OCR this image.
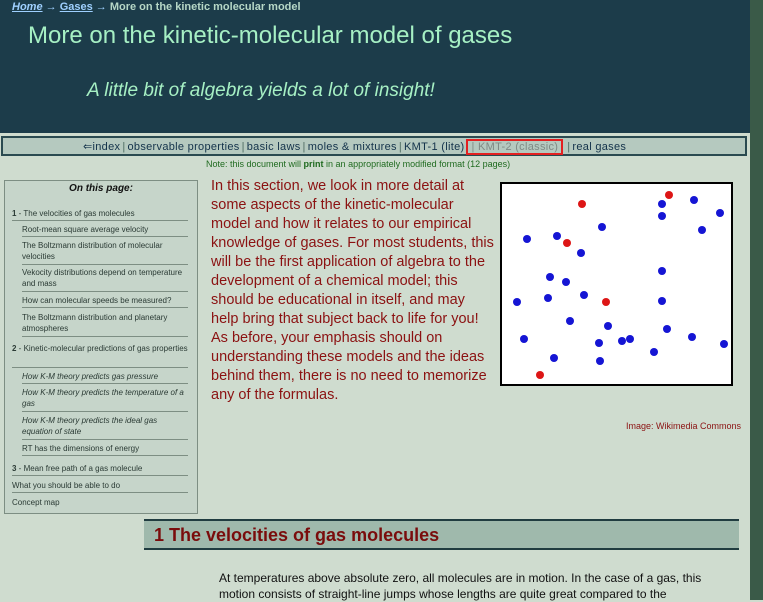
Home → Gases → More on the kinetic molecular model
More on the kinetic-molecular model of gases
A little bit of algebra yields a lot of insight!
⇐index | observable properties | basic laws | moles & mixtures | KMT-1 (lite) | KMT-2 (classic) | real gases
Note: this document will print in an appropriately modified format (12 pages)
On this page:
1 - The velocities of gas molecules
Root-mean square average velocity
The Boltzmann distribution of molecular velocities
Vekocity distributions depend on temperature and mass
How can molecular speeds be measured?
The Boltzmann distribution and planetary atmospheres
2 - Kinetic-molecular predictions of gas properties
How K-M theory predicts gas pressure
How K-M theory predicts the temperature of a gas
How K-M theory predicts the ideal gas equation of state
RT has the dimensions of energy
3 - Mean free path of a gas molecule
What you should be able to do
Concept map

In this section, we look in more detail at some aspects of the kinetic-molecular model and how it relates to our empirical knowledge of gases. For most students, this will be the first application of algebra to the development of a chemical model; this should be educational in itself, and may help bring that subject back to life for you! As before, your emphasis should on understanding these models and the ideas behind them, there is no need to memorize any of the formulas.

Image: Wikimedia Commons
1 The velocities of gas molecules

At temperatures above absolute zero, all molecules are in motion. In the case of a gas, this motion consists of straight-line jumps whose lengths are quite great compared to the
